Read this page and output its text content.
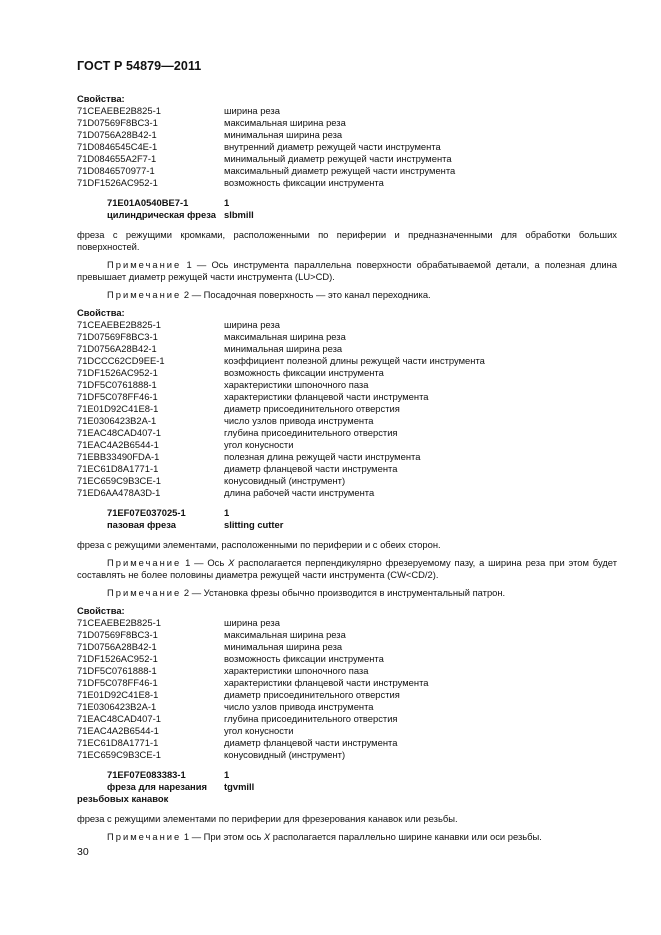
ГОСТ Р 54879—2011
Свойства:
71CEAEBE2B825-1	ширина реза
71D07569F8BC3-1	максимальная ширина реза
71D0756A28B42-1	минимальная ширина реза
71D0846545C4E-1	внутренний диаметр режущей части инструмента
71D084655A2F7-1	минимальный диаметр режущей части инструмента
71D0846570977-1	максимальный диаметр режущей части инструмента
71DF1526AC952-1	возможность фиксации инструмента
71E01A0540BE7-1	1
цилиндрическая фреза slbmill
фреза с режущими кромками, расположенными по периферии и предназначенными для обработки больших поверхностей.
Примечание 1 — Ось инструмента параллельна поверхности обрабатываемой детали, а полезная длина превышает диаметр режущей части инструмента (LU>CD).
Примечание 2 — Посадочная поверхность — это канал переходника.
Свойства:
71CEAEBE2B825-1	ширина реза
71D07569F8BC3-1	максимальная ширина реза
71D0756A28B42-1	минимальная ширина реза
71DCCC62CD9EE-1	коэффициент полезной длины режущей части инструмента
71DF1526AC952-1	возможность фиксации инструмента
71DF5C0761888-1	характеристики шпоночного паза
71DF5C078FF46-1	характеристики фланцевой части инструмента
71E01D92C41E8-1	диаметр присоединительного отверстия
71E0306423B2A-1	число узлов привода инструмента
71EAC48CAD407-1	глубина присоединительного отверстия
71EAC4A2B6544-1	угол конусности
71EBB33490FDA-1	полезная длина режущей части инструмента
71EC61D8A1771-1	диаметр фланцевой части инструмента
71EC659C9B3CE-1	конусовидный (инструмент)
71ED6AA478A3D-1	длина рабочей части инструмента
71EF07E037025-1	1
пазовая фреза	slitting cutter
фреза с режущими элементами, расположенными по периферии и с обеих сторон.
Примечание 1 — Ось X располагается перпендикулярно фрезеруемому пазу, а ширина реза при этом будет составлять не более половины диаметра режущей части инструмента (CW<CD/2).
Примечание 2 — Установка фрезы обычно производится в инструментальный патрон.
Свойства:
71CEAEBE2B825-1	ширина реза
71D07569F8BC3-1	максимальная ширина реза
71D0756A28B42-1	минимальная ширина реза
71DF1526AC952-1	возможность фиксации инструмента
71DF5C0761888-1	характеристики шпоночного паза
71DF5C078FF46-1	характеристики фланцевой части инструмента
71E01D92C41E8-1	диаметр присоединительного отверстия
71E0306423B2A-1	число узлов привода инструмента
71EAC48CAD407-1	глубина присоединительного отверстия
71EAC4A2B6544-1	угол конусности
71EC61D8A1771-1	диаметр фланцевой части инструмента
71EC659C9B3CE-1	конусовидный (инструмент)
71EF07E083383-1	1
фреза для нарезания	tgvmill
резьбовых канавок
фреза с режущими элементами по периферии для фрезерования канавок или резьбы.
Примечание 1 — При этом ось X располагается параллельно ширине канавки или оси резьбы.
30
